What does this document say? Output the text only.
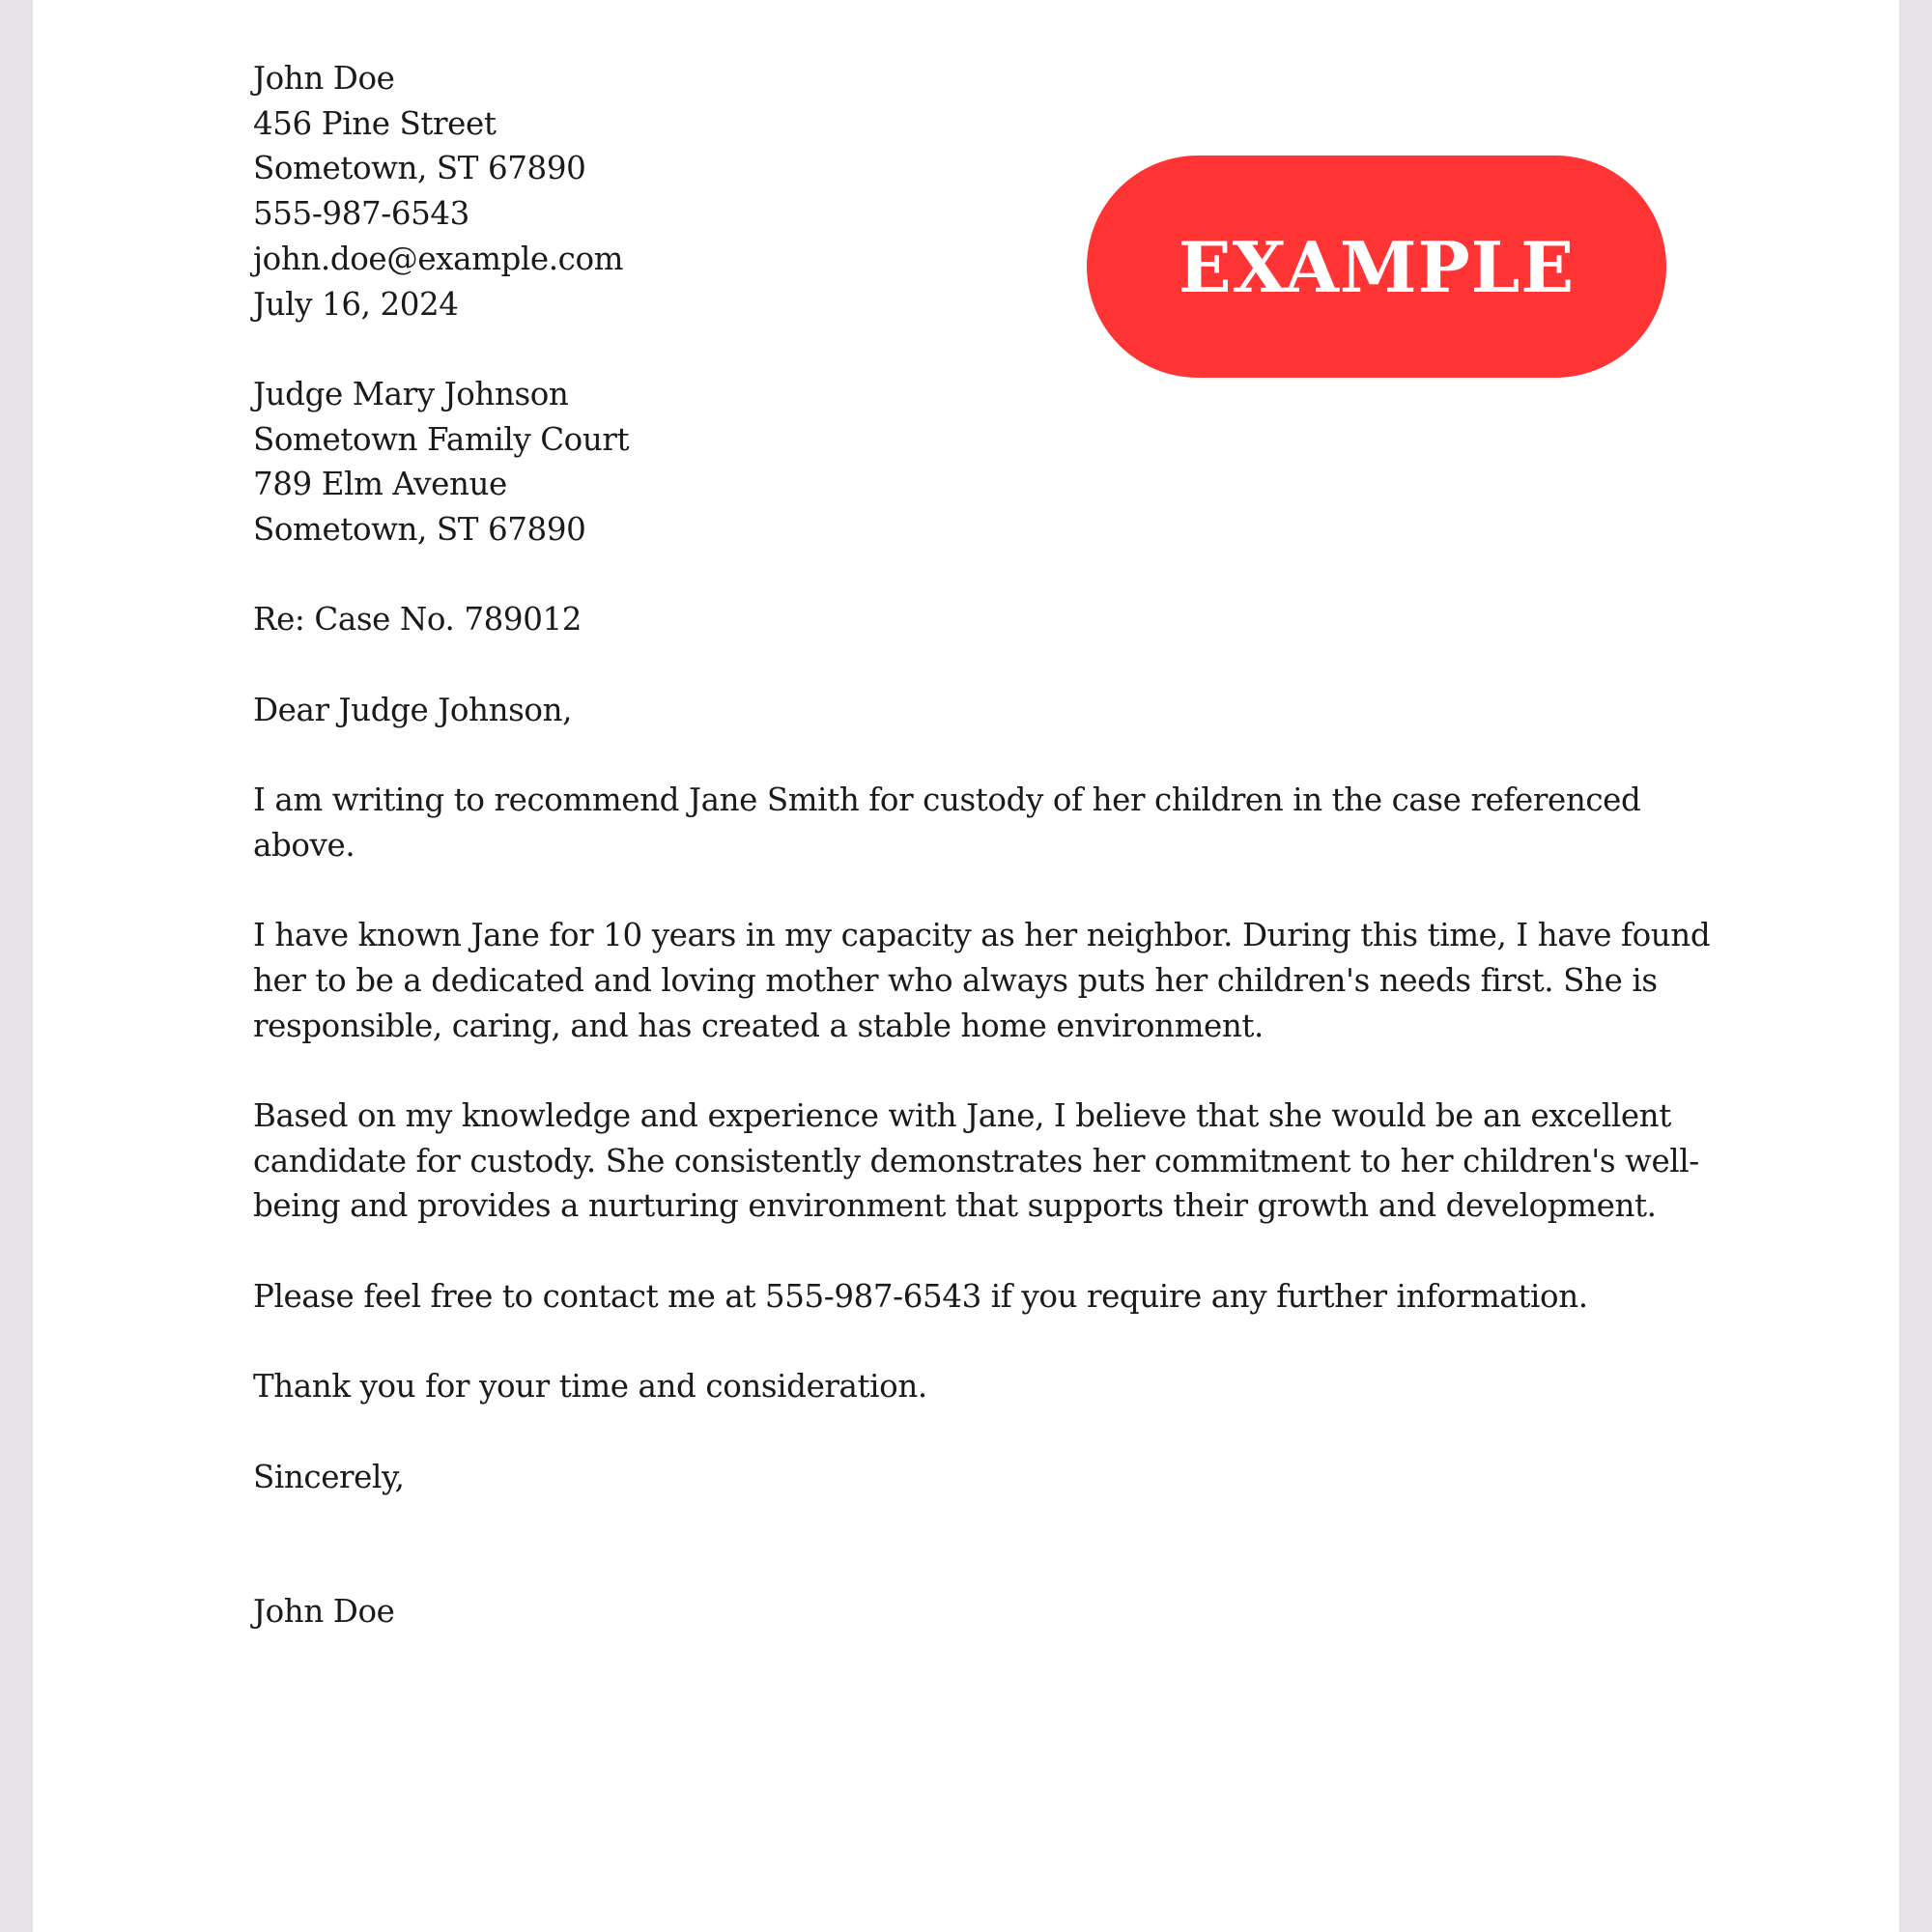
John Doe
456 Pine Street
Sometown, ST 67890
555-987-6543
john.doe@example.com
July 16, 2024
Judge Mary Johnson
Sometown Family Court
789 Elm Avenue
Sometown, ST 67890
Re: Case No. 789012
Dear Judge Johnson,

I am writing to recommend Jane Smith for custody of her children in the case referenced above.

I have known Jane for 10 years in my capacity as her neighbor. During this time, I have found her to be a dedicated and loving mother who always puts her children's needs first. She is responsible, caring, and has created a stable home environment.

Based on my knowledge and experience with Jane, I believe that she would be an excellent candidate for custody. She consistently demonstrates her commitment to her children's well-being and provides a nurturing environment that supports their growth and development.

Please feel free to contact me at 555-987-6543 if you require any further information.

Thank you for your time and consideration.

Sincerely,
John Doe
EXAMPLE
